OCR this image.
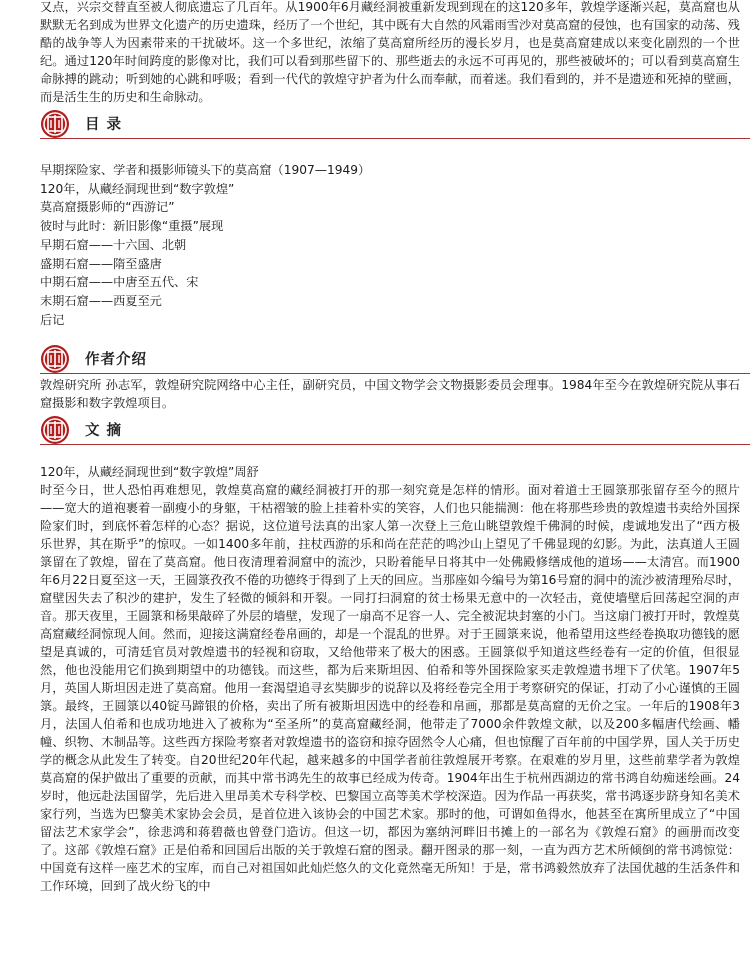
又点，兴宗交替直至被人彻底遗忘了几百年。从1900年6月藏经洞被重新发现到现在的这120多年，敦煌学逐渐兴起，莫高窟也从默默无名到成为世界文化遗产的历史遗珠，经历了一个世纪，其中既有大自然的风霜雨雪沙对莫高窟的侵蚀，也有国家的动荡、残酷的战争等人为因素带来的干扰破坏。这一个多世纪，浓缩了莫高窟所经历的漫长岁月，也是莫高窟建成以来变化剧烈的一个世纪。通过120年时间跨度的影像对比，我们可以看到那些留下的、那些逝去的永远不可再见的，那些被破坏的；可以看到莫高窟生命脉搏的跳动；听到她的心跳和呼吸；看到一代代的敦煌守护者为什么而奉献，而着迷。我们看到的，并不是遗迹和死掉的壁画，而是活生生的历史和生命脉动。

目 录
早期探险家、学者和摄影师镜头下的莫高窟（1907—1949）
120年，从藏经洞现世到“数字敦煌”
莫高窟摄影师的“西游记”
彼时与此时：新旧影像“重摄”展现
早期石窟——十六国、北朝
盛期石窟——隋至盛唐
中期石窟——中唐至五代、宋
末期石窟——西夏至元
后记
作者介绍

敦煌研究所 孙志军，敦煌研究院网络中心主任，副研究员，中国文物学会文物摄影委员会理事。1984年至今在敦煌研究院从事石窟摄影和数字敦煌项目。

文 摘

120年，从藏经洞现世到“数字敦煌”周舒

时至今日，世人恐怕再难想见，敦煌莫高窟的藏经洞被打开的那一刻究竟是怎样的情形。面对着道士王圆箓那张留存至今的照片——宽大的道袍裹着一副瘦小的身躯，干枯褶皱的脸上挂着朴实的笑容，人们也只能揣测：他在将那些珍贵的敦煌遗书卖给外国探险家们时，到底怀着怎样的心态？据说，这位道号法真的出家人第一次登上三危山眺望敦煌千佛洞的时候，虔诚地发出了“西方极乐世界，其在斯乎”的惊叹。一如1400多年前，拄杖西游的乐和尚在茫茫的鸣沙山上望见了千佛显现的幻影。为此，法真道人王圆箓留在了敦煌，留在了莫高窟。他日夜清理着洞窟中的流沙，只盼着能早日将其中一处佛殿修缮成他的道场——太清宫。而1900年6月22日夏至这一天，王圆箓孜孜不倦的功德终于得到了上天的回应。当那座如今编号为第16号窟的洞中的流沙被清理殆尽时，窟壁因失去了积沙的建护，发生了轻微的倾斜和开裂。一同打扫洞窟的贫士杨果无意中的一次轻击，竟使墙壁后回荡起空洞的声音。那天夜里，王圆箓和杨果敲碎了外层的墙壁，发现了一扇高不足容一人、完全被泥块封塞的小门。当这扇门被打开时，敦煌莫高窟藏经洞惊现人间。然而，迎接这满窟经卷帛画的，却是一个混乱的世界。对于王圆箓来说，他希望用这些经卷换取功德钱的愿望是真诚的，可清廷官员对敦煌遗书的轻视和窃取，又给他带来了极大的困惑。王圆箓似乎知道这些经卷有一定的价值，但很显然，他也没能用它们换到期望中的功德钱。而这些，都为后来斯坦因、伯希和等外国探险家买走敦煌遗书埋下了伏笔。1907年5月，英国人斯坦因走进了莫高窟。他用一套渴望追寻玄奘脚步的说辞以及将经卷完全用于考察研究的保证，打动了小心谨慎的王圆箓。最终，王圆箓以40锭马蹄银的价格，卖出了所有被斯坦因选中的经卷和帛画，那都是莫高窟的无价之宝。一年后的1908年3月，法国人伯希和也成功地进入了被称为“至圣所”的莫高窟藏经洞，他带走了7000余件敦煌文献，以及200多幅唐代绘画、幡幢、织物、木制品等。这些西方探险考察者对敦煌遗书的盗窃和掠夺固然令人心痛，但也惊醒了百年前的中国学界，国人关于历史学的概念从此发生了转变。自20世纪20年代起，越来越多的中国学者前往敦煌展开考察。在艰难的岁月里，这些前辈学者为敦煌莫高窟的保护做出了重要的贡献，而其中常书鸿先生的故事已经成为传奇。1904年出生于杭州西湖边的常书鸿自幼痴迷绘画。24岁时，他远赴法国留学，先后进入里昂美术专科学校、巴黎国立高等美术学校深造。因为作品一再获奖，常书鸿逐步跻身知名美术家行列，当选为巴黎美术家协会会员，是首位进入该协会的中国艺术家。那时的他，可谓如鱼得水，他甚至在寓所里成立了“中国留法艺术家学会”，徐悲鸿和蒋碧薇也曾登门造访。但这一切，都因为塞纳河畔旧书摊上的一部名为《敦煌石窟》的画册而改变了。这部《敦煌石窟》正是伯希和回国后出版的关于敦煌石窟的图录。翻开图录的那一刻，一直为西方艺术所倾倒的常书鸿惊觉：中国竟有这样一座艺术的宝库，而自己对祖国如此灿烂悠久的文化竟然毫无所知！于是，常书鸿毅然放弃了法国优越的生活条件和工作环境，回到了战火纷飞的中
